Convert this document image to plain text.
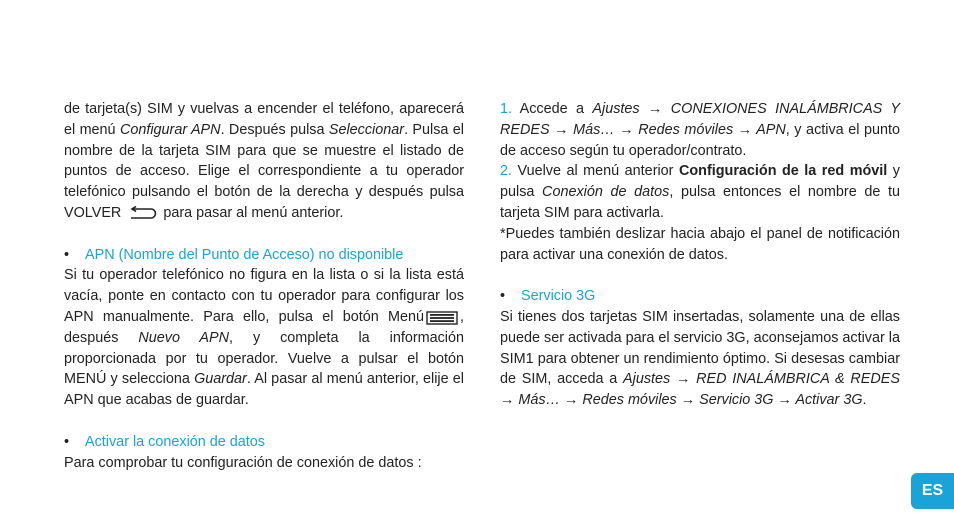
de tarjeta(s) SIM y vuelvas a encender el teléfono, aparecerá el menú Configurar APN. Después pulsa Seleccionar. Pulsa el nombre de la tarjeta SIM para que se muestre el listado de puntos de acceso. Elige el correspondiente a tu operador telefónico pulsando el botón de la derecha y después pulsa VOLVER  para pasar al menú anterior.

•	APN (Nombre del Punto de Acceso) no disponible

Si tu operador telefónico no figura en la lista o si la lista está vacía, ponte en contacto con tu operador para configurar los APN manualmente. Para ello, pulsa el botón Menú	, después Nuevo APN, y completa la información proporcionada por tu operador. Vuelve a pulsar el botón MENÚ y selecciona Guardar. Al pasar al menú anterior, elije el APN que acabas de guardar.

•	Activar la conexión de datos

Para comprobar tu configuración de conexión de datos :

1. Accede a Ajustes → CONEXIONES INALÁMBRICAS Y REDES → Más… → Redes móviles → APN, y activa el punto de acceso según tu operador/contrato.

2. Vuelve al menú anterior Configuración de la red móvil y pulsa Conexión de datos, pulsa entonces el nombre de tu tarjeta SIM para activarla.

*Puedes también deslizar hacia abajo el panel de notificación para activar una conexión de datos.

•	Servicio 3G

Si tienes dos tarjetas SIM insertadas, solamente una de ellas puede ser activada para el servicio 3G, aconsejamos activar la SIM1 para obtener un rendimiento óptimo. Si desesas cambiar de SIM, acceda a Ajustes → RED INALÁMBRICA & REDES → Más… → Redes móviles → Servicio 3G → Activar 3G.

ES
